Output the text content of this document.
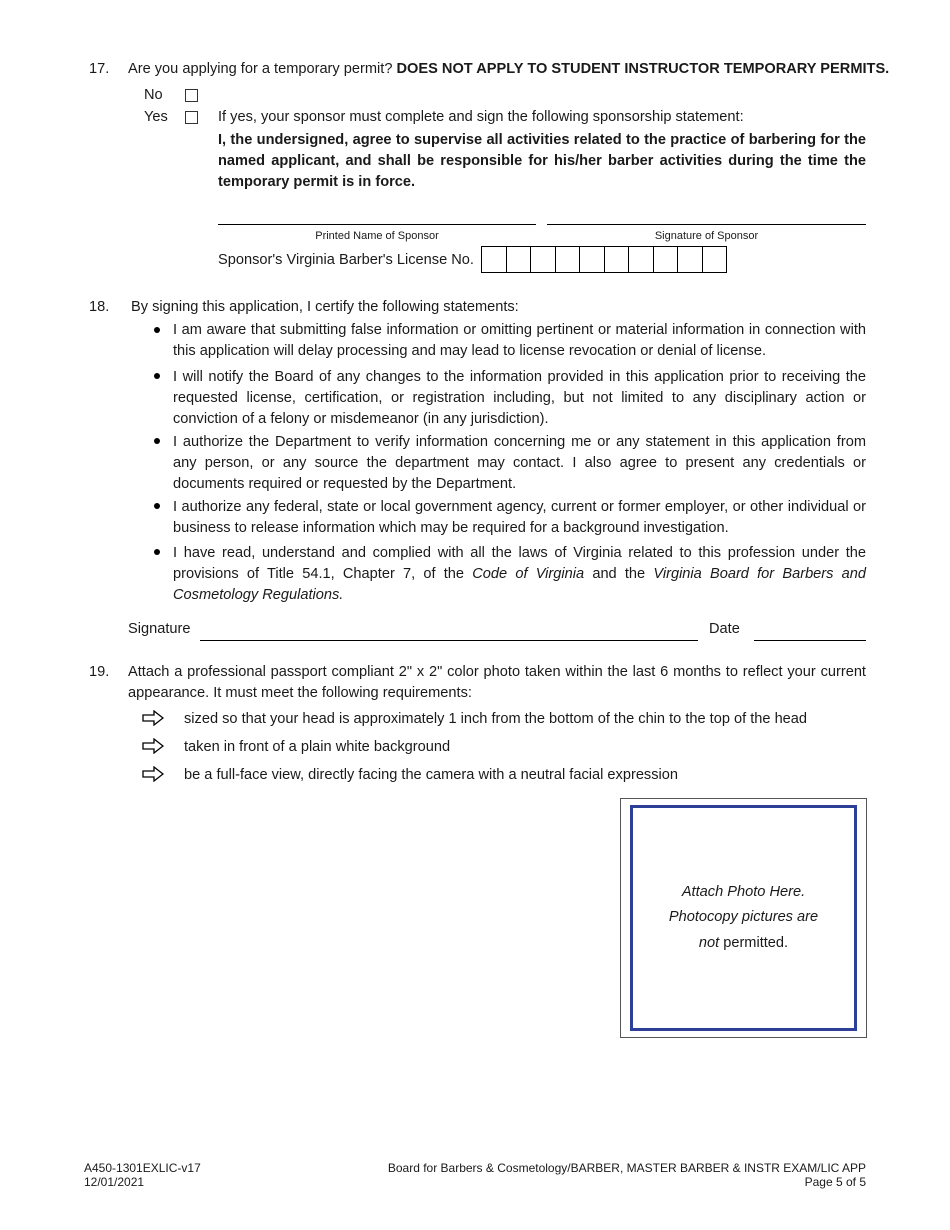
17. Are you applying for a temporary permit? DOES NOT APPLY TO STUDENT INSTRUCTOR TEMPORARY PERMITS.
No
Yes	If yes, your sponsor must complete and sign the following sponsorship statement:
I, the undersigned, agree to supervise all activities related to the practice of barbering for the named applicant, and shall be responsible for his/her barber activities during the time the temporary permit is in force.
Printed Name of Sponsor	Signature of Sponsor
Sponsor's Virginia Barber's License No.
18. By signing this application, I certify the following statements:
I am aware that submitting false information or omitting pertinent or material information in connection with this application will delay processing and may lead to license revocation or denial of license.
I will notify the Board of any changes to the information provided in this application prior to receiving the requested license, certification, or registration including, but not limited to any disciplinary action or conviction of a felony or misdemeanor (in any jurisdiction).
I authorize the Department to verify information concerning me or any statement in this application from any person, or any source the department may contact. I also agree to present any credentials or documents required or requested by the Department.
I authorize any federal, state or local government agency, current or former employer, or other individual or business to release information which may be required for a background investigation.
I have read, understand and complied with all the laws of Virginia related to this profession under the provisions of Title 54.1, Chapter 7, of the Code of Virginia and the Virginia Board for Barbers and Cosmetology Regulations.
Signature	Date
19. Attach a professional passport compliant 2" x 2" color photo taken within the last 6 months to reflect your current appearance. It must meet the following requirements:
sized so that your head is approximately 1 inch from the bottom of the chin to the top of the head
taken in front of a plain white background
be a full-face view, directly facing the camera with a neutral facial expression
Attach Photo Here.
Photocopy pictures are
not permitted.
A450-1301EXLIC-v17
12/01/2021
Board for Barbers & Cosmetology/BARBER, MASTER BARBER & INSTR EXAM/LIC APP
Page 5 of 5
